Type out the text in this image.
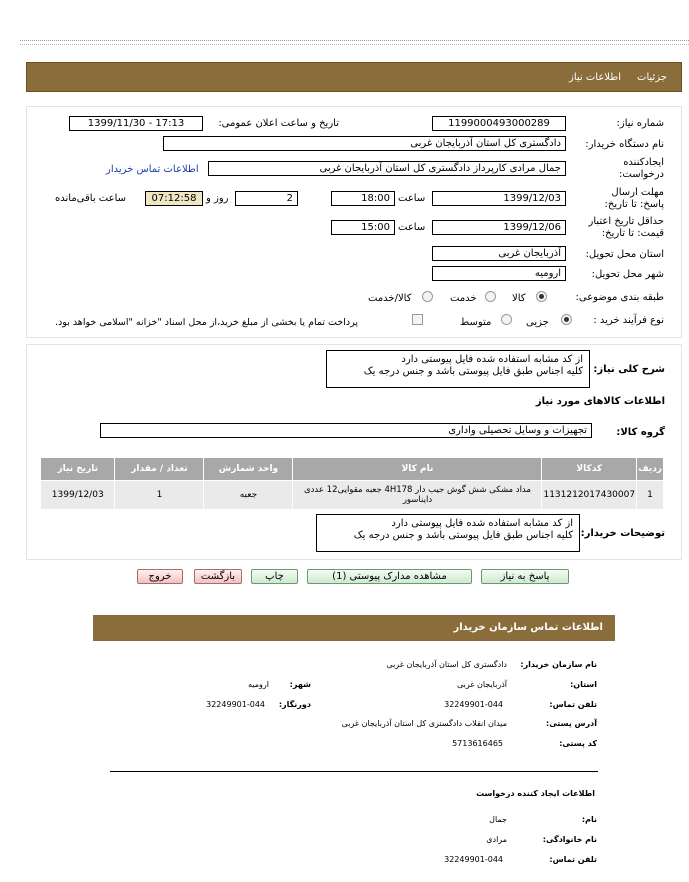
جزئیات
اطلاعات نیاز
شماره نیاز:
1199000493000289
تاریخ و ساعت اعلان عمومی:
1399/11/30 - 17:13
نام دستگاه خریدار:
دادگستری کل استان آذربایجان غربی
ایجادکننده درخواست:
جمال مرادی کارپرداز دادگستری کل استان آذربایجان غربی
اطلاعات تماس خریدار
مهلت ارسال پاسخ: تا تاریخ:
1399/12/03
ساعت
18:00
2
روز و
07:12:58
ساعت باقی‌مانده
حداقل تاریخ اعتبار قیمت: تا تاریخ:
1399/12/06
ساعت
15:00
استان محل تحویل:
آذربایجان غربی
شهر محل تحویل:
ارومیه
طبقه بندی موضوعی:
کالا
خدمت
کالا/خدمت
نوع فرآیند خرید :
جزیی
متوسط
پرداخت تمام یا بخشی از مبلغ خرید،از محل اسناد "خزانه "اسلامی خواهد بود.
شرح کلی نیاز:
از کد مشابه استفاده شده فایل پیوستی دارد
کلیه اجناس طبق فایل پیوستی باشد و جنس درجه یک
اطلاعات کالاهای مورد نیاز
گروه کالا:
تجهیزات و وسایل تحصیلی واداری
ردیف	کدکالا	نام کالا	واحد شمارش	تعداد / مقدار	تاریخ نیاز
1	1131212017430007	مداد مشکی شش گوش جیب دار 4H178 جعبه مقوایی12 عددی دایناسور	جعبه	1	1399/12/03
توضیحات خریدار:
از کد مشابه استفاده شده فایل پیوستی دارد
کلیه اجناس طبق فایل پیوستی باشد و جنس درجه یک
پاسخ به نیاز
مشاهده مدارک پیوستی (1)
چاپ
بازگشت
خروج
اطلاعات تماس سازمان خریدار
نام سازمان خریدار:
دادگستری کل استان آذربایجان غربی
استان:
آذربایجان غربی
شهر:
ارومیه
تلفن تماس:
32249901-044
دورنگار:
32249901-044
آدرس پستی:
میدان انقلاب دادگستری کل استان آذربایجان غربی
کد پستی:
5713616465
اطلاعات ایجاد کننده درخواست
نام:
جمال
نام خانوادگی:
مرادی
تلفن تماس:
32249901-044
